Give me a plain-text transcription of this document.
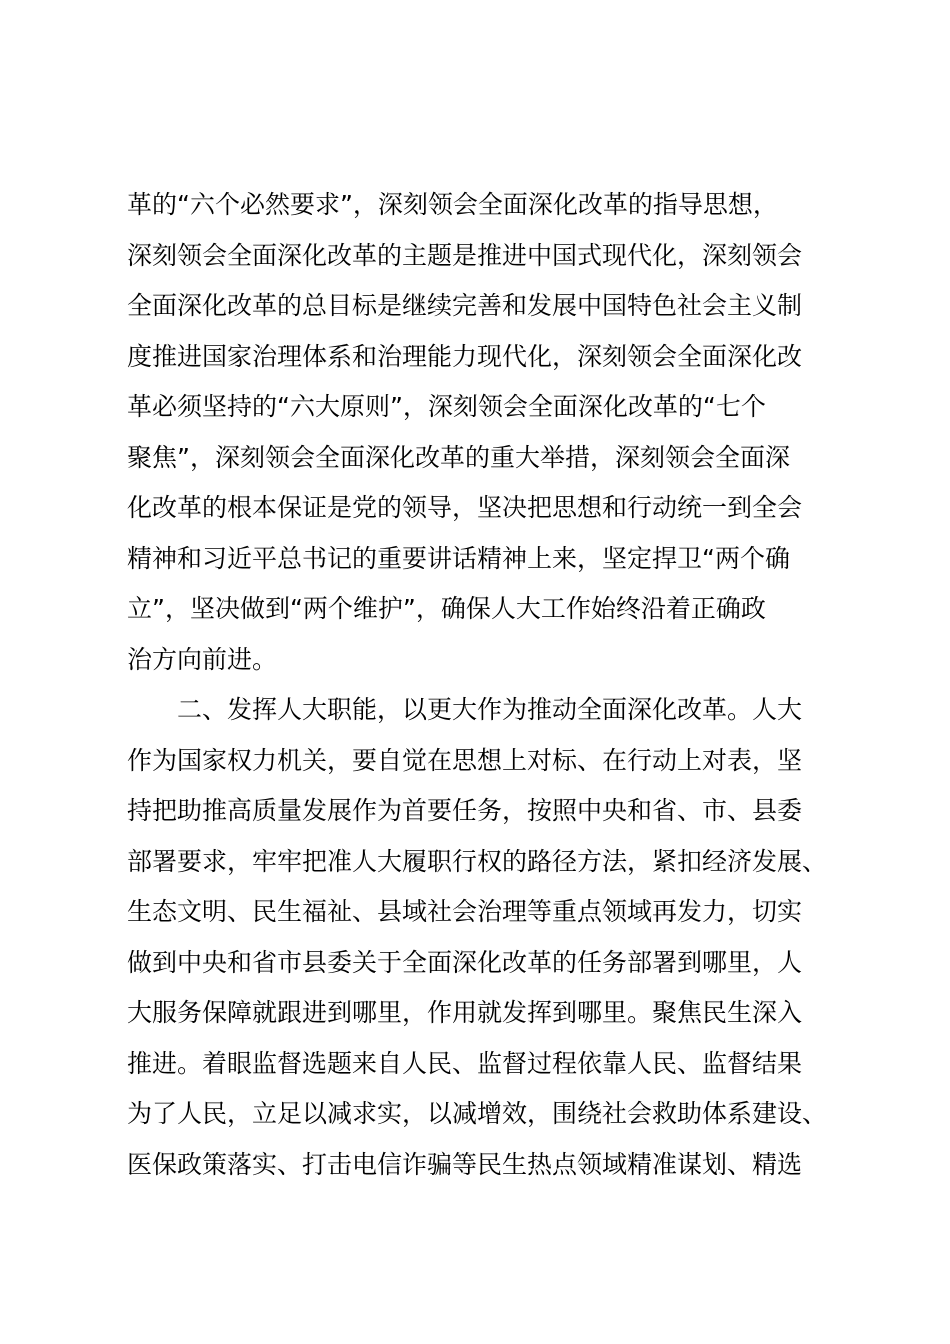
革的“六个必然要求”，深刻领会全面深化改革的指导思想，
深刻领会全面深化改革的主题是推进中国式现代化，深刻领会
全面深化改革的总目标是继续完善和发展中国特色社会主义制
度推进国家治理体系和治理能力现代化，深刻领会全面深化改
革必须坚持的“六大原则”，深刻领会全面深化改革的“七个
聚焦”，深刻领会全面深化改革的重大举措，深刻领会全面深
化改革的根本保证是党的领导，坚决把思想和行动统一到全会
精神和习近平总书记的重要讲话精神上来，坚定捍卫“两个确
立”，坚决做到“两个维护”，确保人大工作始终沿着正确政
治方向前进。
二、发挥人大职能，以更大作为推动全面深化改革。人大
作为国家权力机关，要自觉在思想上对标、在行动上对表，坚
持把助推高质量发展作为首要任务，按照中央和省、市、县委
部署要求，牢牢把准人大履职行权的路径方法，紧扣经济发展、
生态文明、民生福祉、县域社会治理等重点领域再发力，切实
做到中央和省市县委关于全面深化改革的任务部署到哪里，人
大服务保障就跟进到哪里，作用就发挥到哪里。聚焦民生深入
推进。着眼监督选题来自人民、监督过程依靠人民、监督结果
为了人民，立足以减求实，以减增效，围绕社会救助体系建设、
医保政策落实、打击电信诈骗等民生热点领域精准谋划、精选
